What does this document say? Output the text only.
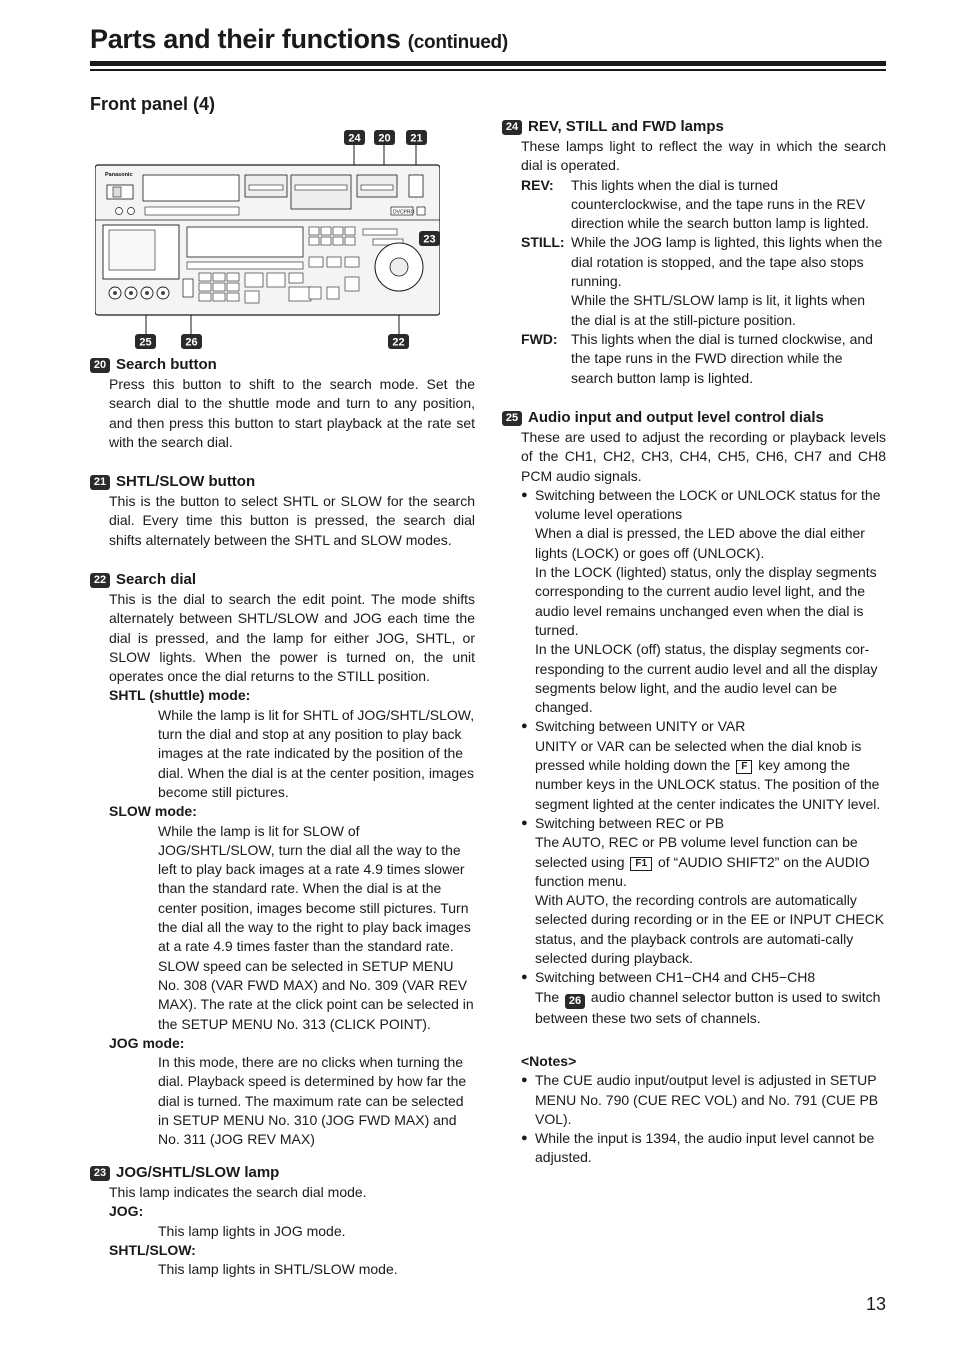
Parts and their functions (continued)
Front panel (4)
24 20 21
Panasonic
DVCPRO
23
25	26	22
20 Search button
Press this button to shift to the search mode. Set the search dial to the shuttle mode and turn to any position, and then press this button to start playback at the rate set with the search dial.
21 SHTL/SLOW button
This is the button to select SHTL or SLOW for the search dial. Every time this button is pressed, the search dial shifts alternately between the SHTL and SLOW modes.
22 Search dial
This is the dial to search the edit point. The mode shifts alternately between SHTL/SLOW and JOG each time the dial is pressed, and the lamp for either JOG, SHTL, or SLOW lights. When the power is turned on, the unit operates once the dial returns to the STILL position.
SHTL (shuttle) mode:
While the lamp is lit for SHTL of JOG/SHTL/SLOW, turn the dial and stop at any position to play back images at the rate indicated by the position of the dial. When the dial is at the center position, images become still pictures.
SLOW mode:
While the lamp is lit for SLOW of JOG/SHTL/SLOW, turn the dial all the way to the left to play back images at a rate 4.9 times slower than the standard rate. When the dial is at the center position, images become still pictures. Turn the dial all the way to the right to play back images at a rate 4.9 times faster than the standard rate. SLOW speed can be selected in SETUP MENU No. 308 (VAR FWD MAX) and No. 309 (VAR REV MAX). The rate at the click point can be selected in the SETUP MENU No. 313 (CLICK POINT).
JOG mode:
In this mode, there are no clicks when turning the dial. Playback speed is determined by how far the dial is turned. The maximum rate can be selected in SETUP MENU No. 310 (JOG FWD MAX) and No. 311 (JOG REV MAX)
23 JOG/SHTL/SLOW lamp
This lamp indicates the search dial mode.
JOG:
This lamp lights in JOG mode.
SHTL/SLOW:
This lamp lights in SHTL/SLOW mode.
24 REV, STILL and FWD lamps
These lamps light to reflect the way in which the search dial is operated.
REV:	This lights when the dial is turned counterclockwise, and the tape runs in the REV direction while the search button lamp is lighted.
STILL: While the JOG lamp is lighted, this lights when the dial rotation is stopped, and the tape also stops running.
While the SHTL/SLOW lamp is lit, it lights when the dial is at the still-picture position.
FWD: This lights when the dial is turned clockwise, and the tape runs in the FWD direction while the search button lamp is lighted.
25 Audio input and output level control dials
These are used to adjust the recording or playback levels of the CH1, CH2, CH3, CH4, CH5, CH6, CH7 and CH8 PCM audio signals.
● Switching between the LOCK or UNLOCK status for the volume level operations
When a dial is pressed, the LED above the dial either lights (LOCK) or goes off (UNLOCK).
In the LOCK (lighted) status, only the display segments corresponding to the current audio level light, and the audio level remains unchanged even when the dial is turned.
In the UNLOCK (off) status, the display segments cor-responding to the current audio level and all the display segments below light, and the audio level can be changed.
● Switching between UNITY or VAR
UNITY or VAR can be selected when the dial knob is pressed while holding down the F key among the number keys in the UNLOCK status. The position of the segment lighted at the center indicates the UNITY level.
● Switching between REC or PB
The AUTO, REC or PB volume level function can be selected using F1 of “AUDIO SHIFT2” on the AUDIO function menu.
With AUTO, the recording controls are automatically selected during recording or in the EE or INPUT CHECK status, and the playback controls are automati-cally selected during playback.
● Switching between CH1−CH4 and CH5−CH8
The 26 audio channel selector button is used to switch between these two sets of channels.
<Notes>
● The CUE audio input/output level is adjusted in SETUP MENU No. 790 (CUE REC VOL) and No. 791 (CUE PB VOL).
● While the input is 1394, the audio input level cannot be adjusted.
13
